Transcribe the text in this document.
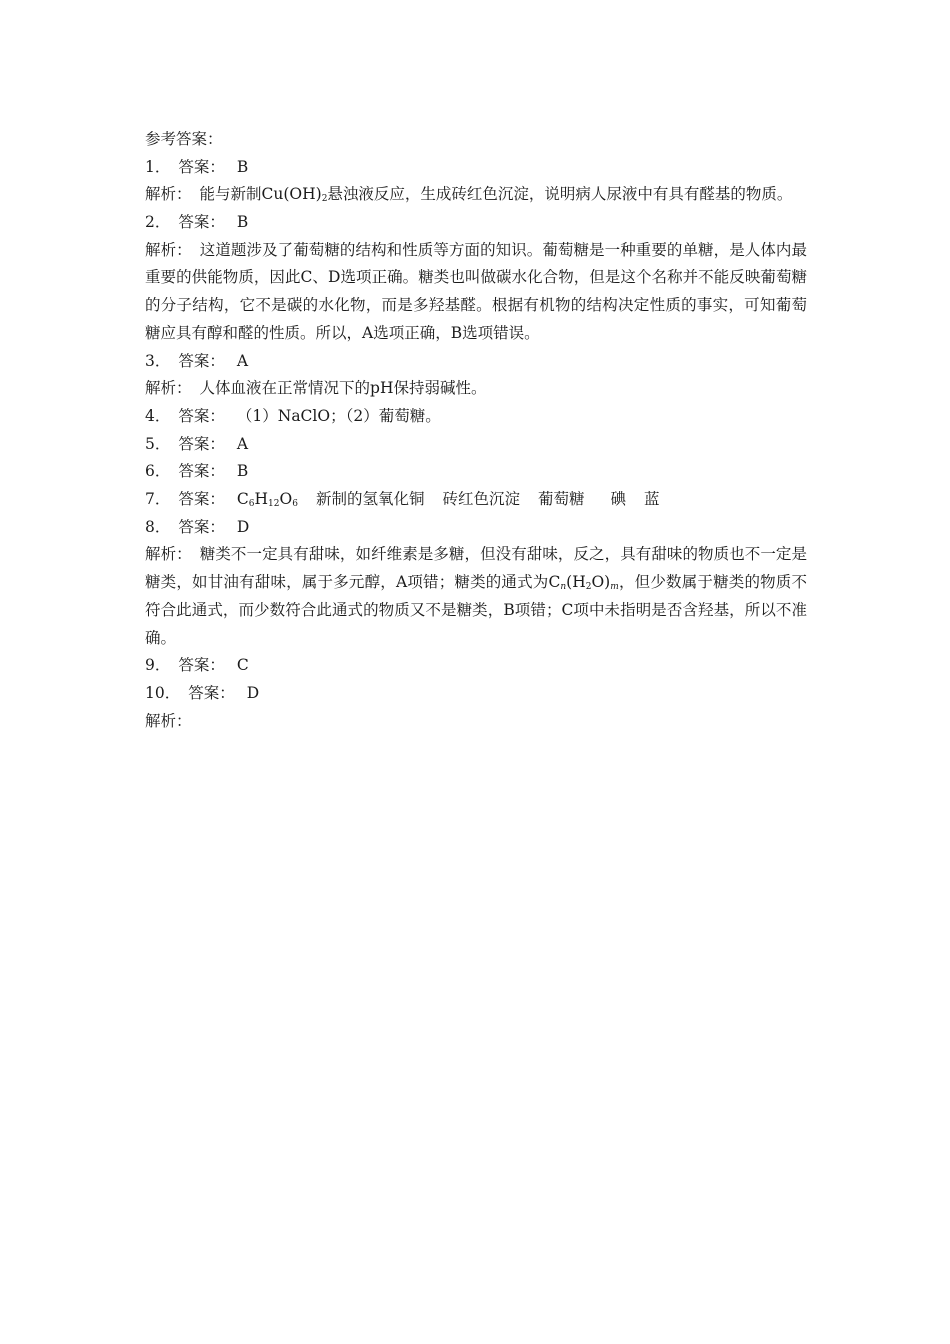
参考答案：
1． 答案： B
解析： 能与新制$Cu(OH)_2$悬浊液反应，生成砖红色沉淀，说明病人尿液中有具有醛基的物质。
2． 答案： B
解析： 这道题涉及了葡萄糖的结构和性质等方面的知识。葡萄糖是一种重要的单糖，是人体内最重要的供能物质，因此C、D选项正确。糖类也叫做碳水化合物，但是这个名称并不能反映葡萄糖的分子结构，它不是碳的水化物，而是多羟基醛。根据有机物的结构决定性质的事实，可知葡萄糖应具有醇和醛的性质。所以，A选项正确，B选项错误。
3． 答案： A
解析： 人体血液在正常情况下的pH保持弱碱性。
4． 答案： （1）NaClO；（2）葡萄糖。
5． 答案： A
6． 答案： B
7． 答案： $C_6H_{12}O_6$ 新制的氢氧化铜 砖红色沉淀 葡萄糖 碘 蓝
8． 答案： D
解析： 糖类不一定具有甜味，如纤维素是多糖，但没有甜味，反之，具有甜味的物质也不一定是糖类，如甘油有甜味，属于多元醇，A项错；糖类的通式为$C_n(H_2O)_m$，但少数属于糖类的物质不符合此通式，而少数符合此通式的物质又不是糖类，B项错；C项中未指明是否含羟基，所以不准确。
9． 答案： C
10． 答案： D
解析：
